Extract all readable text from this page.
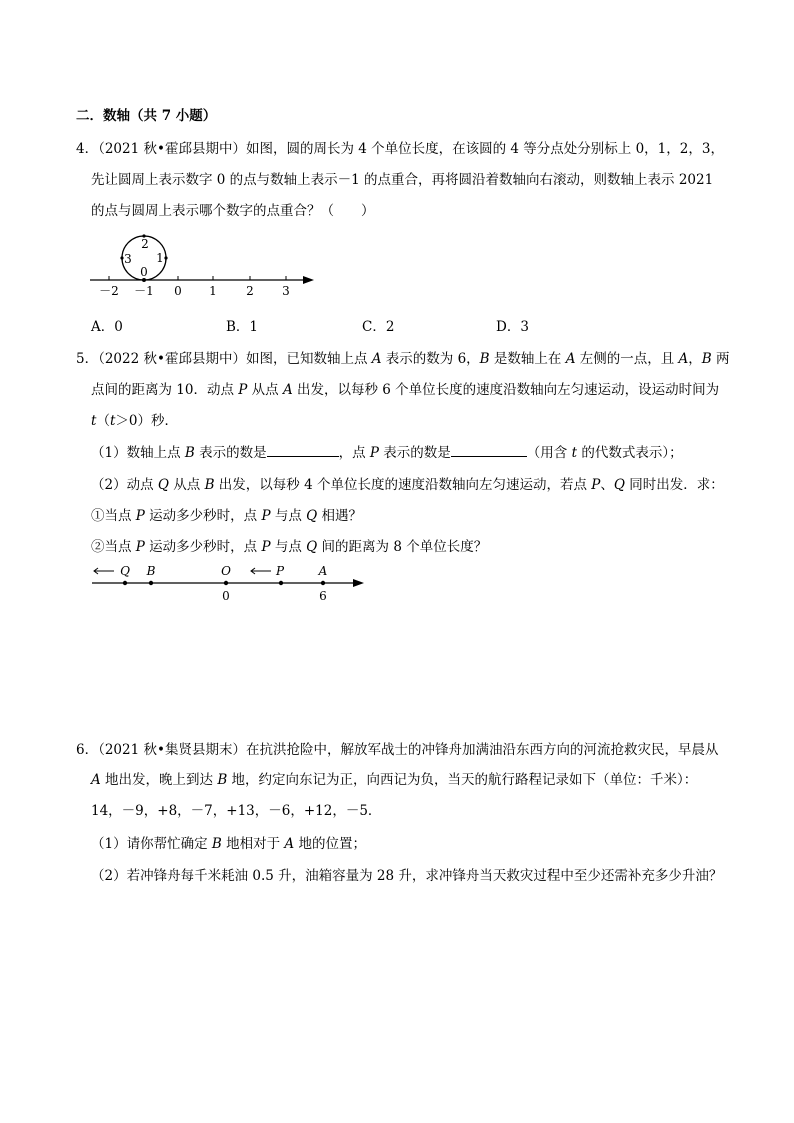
二．数轴（共 7 小题）
4．（2021 秋•霍邱县期中）如图，圆的周长为 4 个单位长度，在该圆的 4 等分点处分别标上 0，1，2，3，
先让圆周上表示数字 0 的点与数轴上表示－1 的点重合，再将圆沿着数轴向右滚动，则数轴上表示 2021
的点与圆周上表示哪个数字的点重合？（　　）
0
1
2
3
－2 －1 0 1 2 3
A．0	B．1	C．2	D．3
5．（2022 秋•霍邱县期中）如图，已知数轴上点 A 表示的数为 6，B 是数轴上在 A 左侧的一点，且 A，B 两
点间的距离为 10．动点 P 从点 A 出发，以每秒 6 个单位长度的速度沿数轴向左匀速运动，设运动时间为
t（t＞0）秒．
（1）数轴上点 B 表示的数是	，点 P 表示的数是	（用含 t 的代数式表示）；
（2）动点 Q 从点 B 出发，以每秒 4 个单位长度的速度沿数轴向左匀速运动，若点 P、Q 同时出发．求：
①当点 P 运动多少秒时，点 P 与点 Q 相遇？
②当点 P 运动多少秒时，点 P 与点 Q 间的距离为 8 个单位长度？
Q B	O	P	A
0	6
6．（2021 秋•集贤县期末）在抗洪抢险中，解放军战士的冲锋舟加满油沿东西方向的河流抢救灾民，早晨从
A 地出发，晚上到达 B 地，约定向东记为正，向西记为负，当天的航行路程记录如下（单位：千米）：
14，－9，+8，－7，+13，－6，+12，－5．
（1）请你帮忙确定 B 地相对于 A 地的位置；
（2）若冲锋舟每千米耗油 0.5 升，油箱容量为 28 升，求冲锋舟当天救灾过程中至少还需补充多少升油？
